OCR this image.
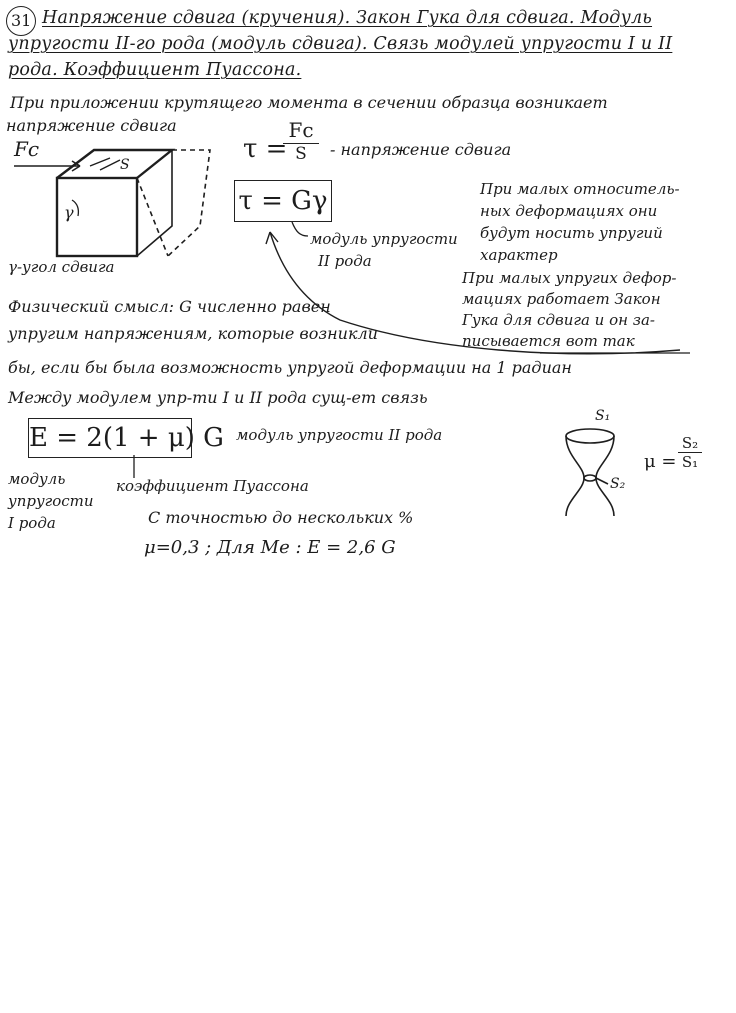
31 Напряжение сдвига (кручения). Закон Гука для сдвига. Модуль
упругости II-го рода (модуль сдвига). Связь модулей упругости I и II
рода. Коэффициент Пуассона.
При приложении крутящего момента в сечении образца возникает
напряжение сдвига
Fc
S
γ
γ-угол сдвига
τ =
Fc
S	- напряжение сдвига
τ = Gγ
модуль упругости
II рода
При малых относитель-
ных деформациях они
будут носить упругий
характер
При малых упругих дефор-
мациях работает Закон
Гука для сдвига и он за-
писывается вот так
Физический смысл: G численно равен
упругим напряжениям, которые возникли
бы, если бы была возможность упругой деформации на 1 радиан
Между модулем упр-ти I и II рода сущ-ет связь
E = 2(1 + μ) G модуль упругости II рода
модуль
упругости
I рода
коэффициент Пуассона
С точностью до нескольких %
μ=0,3 ; Для Me : E = 2,6 G
S₁
S₂
μ =
S₂
S₁
